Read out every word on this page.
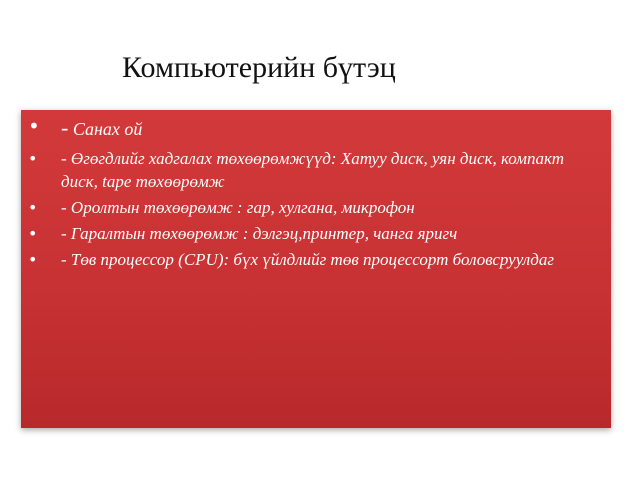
Компьютерийн бүтэц
• - Санах ой
• - Өгөгдлийг хадгалах төхөөрөмжүүд: Хатуу диск, уян диск, компакт диск, tape төхөөрөмж
• - Оролтын төхөөрөмж : гар, хулгана, микрофон
• - Гаралтын төхөөрөмж : дэлгэц,принтер, чанга яригч
• - Төв процессор (CPU): бүх үйлдлийг төв процессорт боловсруулдаг
